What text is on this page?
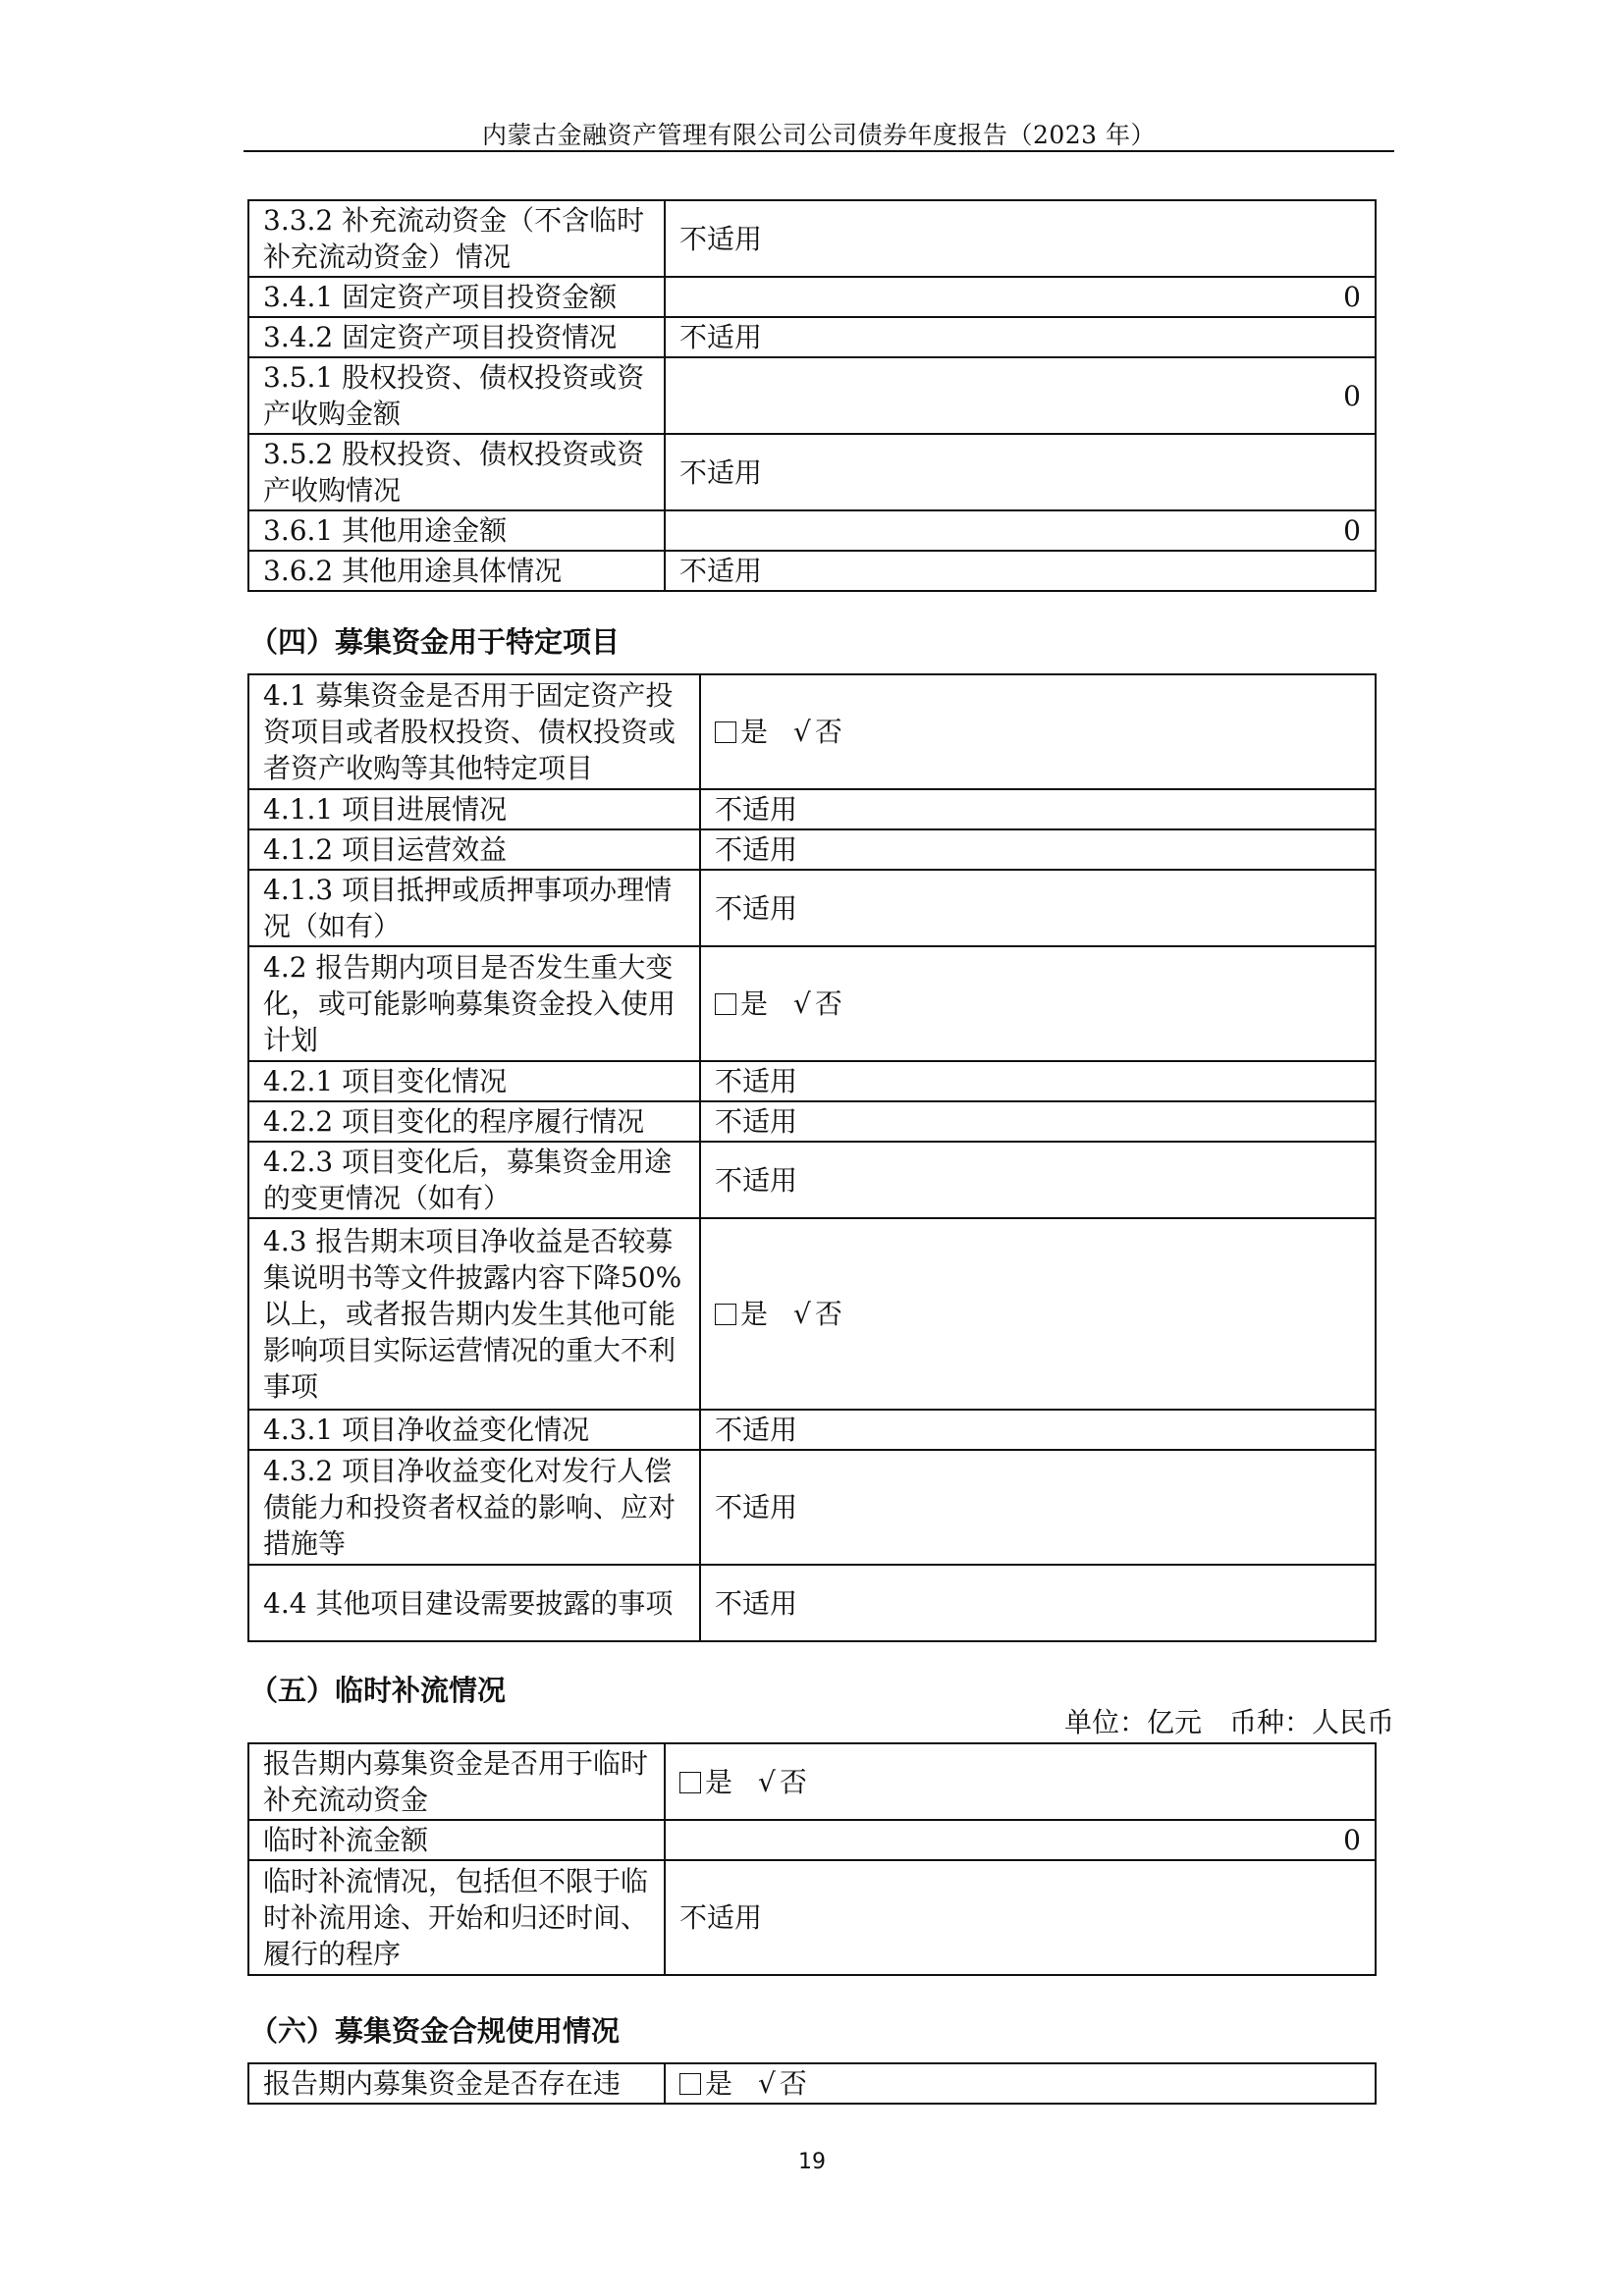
内蒙古金融资产管理有限公司公司债券年度报告（2023 年）
3.3.2 补充流动资金（不含临时补充流动资金）情况	不适用
3.4.1 固定资产项目投资金额	0
3.4.2 固定资产项目投资情况	不适用
3.5.1 股权投资、债权投资或资产收购金额	0
3.5.2 股权投资、债权投资或资产收购情况	不适用
3.6.1 其他用途金额	0
3.6.2 其他用途具体情况	不适用
（四）募集资金用于特定项目
4.1 募集资金是否用于固定资产投资项目或者股权投资、债权投资或者资产收购等其他特定项目	是 √ 否
4.1.1 项目进展情况	不适用
4.1.2 项目运营效益	不适用
4.1.3 项目抵押或质押事项办理情况（如有）	不适用
4.2 报告期内项目是否发生重大变化，或可能影响募集资金投入使用计划	是 √ 否
4.2.1 项目变化情况	不适用
4.2.2 项目变化的程序履行情况	不适用
4.2.3 项目变化后，募集资金用途的变更情况（如有）	不适用
4.3 报告期末项目净收益是否较募集说明书等文件披露内容下降50%以上，或者报告期内发生其他可能影响项目实际运营情况的重大不利事项	是 √ 否
4.3.1 项目净收益变化情况	不适用
4.3.2 项目净收益变化对发行人偿债能力和投资者权益的影响、应对措施等	不适用
4.4 其他项目建设需要披露的事项	不适用
（五）临时补流情况
单位：亿元　币种：人民币
报告期内募集资金是否用于临时补充流动资金	是 √ 否
临时补流金额	0
临时补流情况，包括但不限于临时补流用途、开始和归还时间、履行的程序	不适用
（六）募集资金合规使用情况
报告期内募集资金是否存在违	是 √ 否
19
